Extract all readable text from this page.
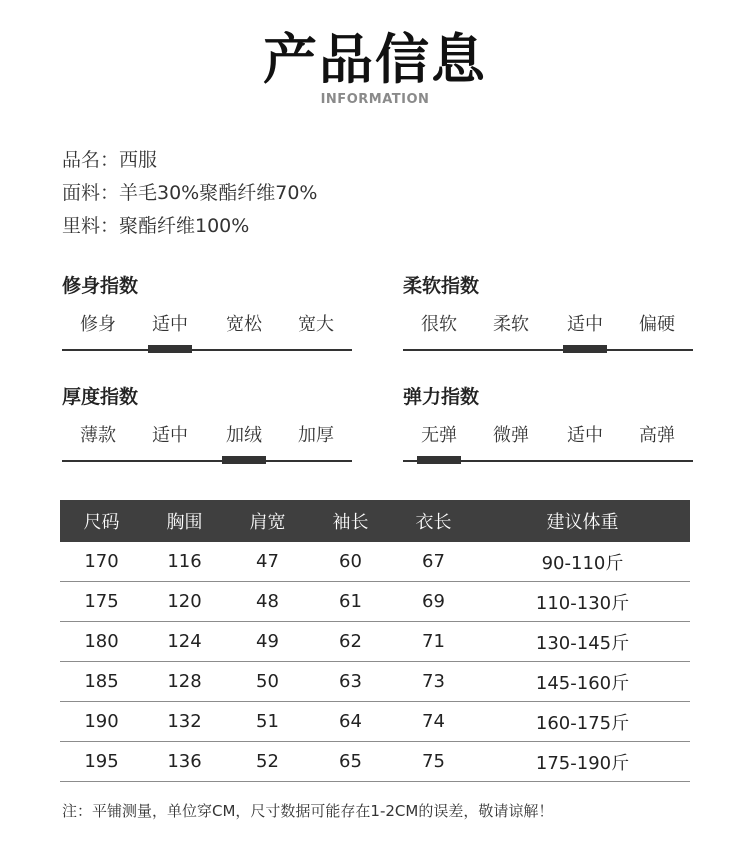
产品信息
INFORMATION
品名：西服
面料：羊毛30%聚酯纤维70%
里料：聚酯纤维100%
修身指数
修身	适中	宽松	宽大
柔软指数
很软	柔软	适中	偏硬
厚度指数
薄款	适中	加绒	加厚
弹力指数
无弹	微弹	适中	高弹
尺码	胸围	肩宽	袖长	衣长	建议体重
170	116	47	60	67	90-110斤
175	120	48	61	69	110-130斤
180	124	49	62	71	130-145斤
185	128	50	63	73	145-160斤
190	132	51	64	74	160-175斤
195	136	52	65	75	175-190斤
注：平铺测量，单位穿CM，尺寸数据可能存在1-2CM的误差，敬请谅解！
